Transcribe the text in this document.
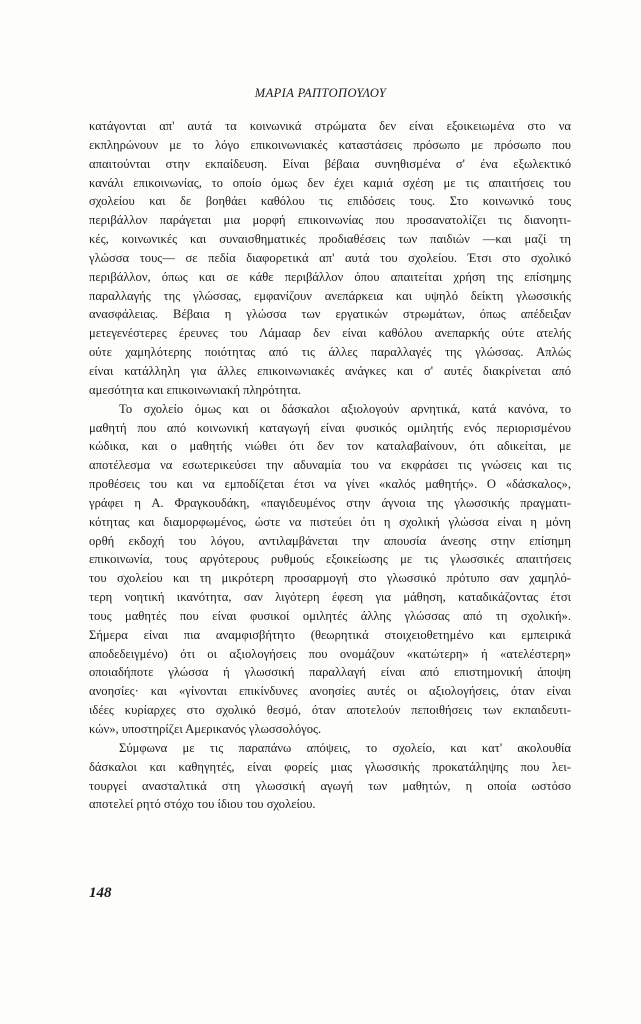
ΜΑΡΙΑ ΡΑΠΤΟΠΟΥΛΟΥ
κατάγονται απ' αυτά τα κοινωνικά στρώματα δεν είναι εξοικειωμένα στο να
εκπληρώνουν με το λόγο επικοινωνιακές καταστάσεις πρόσωπο με πρόσωπο που
απαιτούνται στην εκπαίδευση. Είναι βέβαια συνηθισμένα σ' ένα εξωλεκτικό
κανάλι επικοινωνίας, το οποίο όμως δεν έχει καμιά σχέση με τις απαιτήσεις του
σχολείου και δε βοηθάει καθόλου τις επιδόσεις τους. Στο κοινωνικό τους
περιβάλλον παράγεται μια μορφή επικοινωνίας που προσανατολίζει τις διανοητι-
κές, κοινωνικές και συναισθηματικές προδιαθέσεις των παιδιών —και μαζί τη
γλώσσα τους— σε πεδία διαφορετικά απ' αυτά του σχολείου. Έτσι στο σχολικό
περιβάλλον, όπως και σε κάθε περιβάλλον όπου απαιτείται χρήση της επίσημης
παραλλαγής της γλώσσας, εμφανίζουν ανεπάρκεια και υψηλό δείκτη γλωσσικής
ανασφάλειας. Βέβαια η γλώσσα των εργατικών στρωμάτων, όπως απέδειξαν
μετεγενέστερες έρευνες του Λάμααρ δεν είναι καθόλου ανεπαρκής ούτε ατελής
ούτε χαμηλότερης ποιότητας από τις άλλες παραλλαγές της γλώσσας. Απλώς
είναι κατάλληλη για άλλες επικοινωνιακές ανάγκες και σ' αυτές διακρίνεται από
αμεσότητα και επικοινωνιακή πληρότητα.
Το σχολείο όμως και οι δάσκαλοι αξιολογούν αρνητικά, κατά κανόνα, το
μαθητή που από κοινωνική καταγωγή είναι φυσικός ομιλητής ενός περιορισμένου
κώδικα, και ο μαθητής νιώθει ότι δεν τον καταλαβαίνουν, ότι αδικείται, με
αποτέλεσμα να εσωτερικεύσει την αδυναμία του να εκφράσει τις γνώσεις και τις
προθέσεις του και να εμποδίζεται έτσι να γίνει «καλός μαθητής». Ο «δάσκαλος»,
γράφει η Α. Φραγκουδάκη, «παγιδευμένος στην άγνοια της γλωσσικής πραγματι-
κότητας και διαμορφωμένος, ώστε να πιστεύει ότι η σχολική γλώσσα είναι η μόνη
ορθή εκδοχή του λόγου, αντιλαμβάνεται την απουσία άνεσης στην επίσημη
επικοινωνία, τους αργότερους ρυθμούς εξοικείωσης με τις γλωσσικές απαιτήσεις
του σχολείου και τη μικρότερη προσαρμογή στο γλωσσικό πρότυπο σαν χαμηλό-
τερη νοητική ικανότητα, σαν λιγότερη έφεση για μάθηση, καταδικάζοντας έτσι
τους μαθητές που είναι φυσικοί ομιλητές άλλης γλώσσας από τη σχολική».
Σήμερα είναι πια αναμφισβήτητο (θεωρητικά στοιχειοθετημένο και εμπειρικά
αποδεδειγμένο) ότι οι αξιολογήσεις που ονομάζουν «κατώτερη» ή «ατελέστερη»
οποιαδήποτε γλώσσα ή γλωσσική παραλλαγή είναι από επιστημονική άποψη
ανοησίες· και «γίνονται επικίνδυνες ανοησίες αυτές οι αξιολογήσεις, όταν είναι
ιδέες κυρίαρχες στο σχολικό θεσμό, όταν αποτελούν πεποιθήσεις των εκπαιδευτι-
κών», υποστηρίζει Αμερικανός γλωσσολόγος.
Σύμφωνα με τις παραπάνω απόψεις, το σχολείο, και κατ' ακολουθία
δάσκαλοι και καθηγητές, είναι φορείς μιας γλωσσικής προκατάληψης που λει-
τουργεί ανασταλτικά στη γλωσσική αγωγή των μαθητών, η οποία ωστόσο
αποτελεί ρητό στόχο του ίδιου του σχολείου.
148
